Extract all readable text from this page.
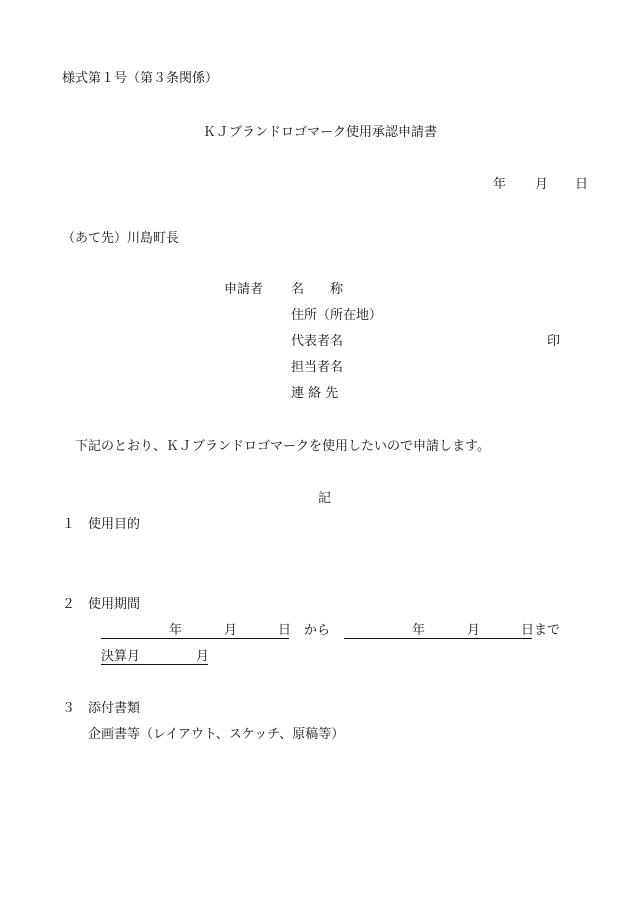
様式第１号（第３条関係）
ＫＪブランドロゴマーク使用承認申請書
年 月 日
（あて先）川島町長
申請者 名　　称
住所（所在地）
代表者名	印
担当者名
連 絡 先
下記のとおり、ＫＪブランドロゴマークを使用したいので申請します。
記
１ 使用目的
２ 使用期間
年	月	日 から	年	月	日 まで
決算月	月
３ 添付書類
企画書等（レイアウト、スケッチ、原稿等）
